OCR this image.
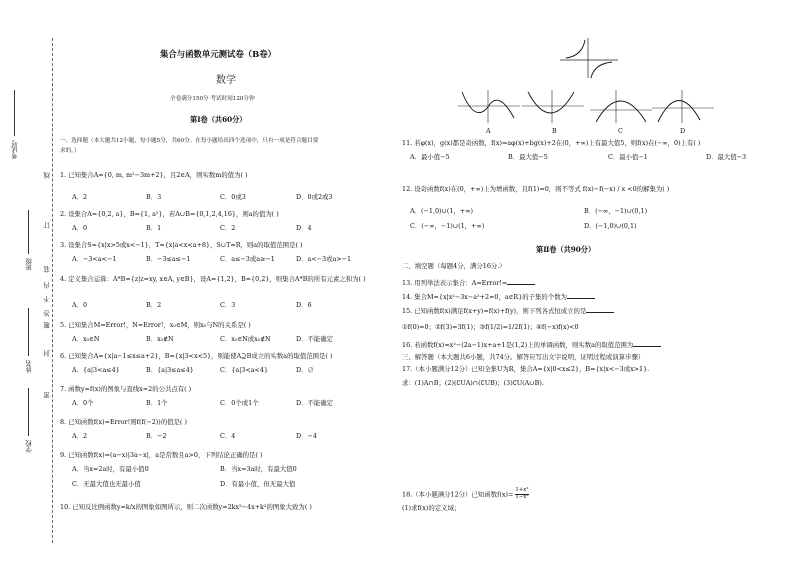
线
装
内
不
答
题
订
封
密
考试号
班级
姓名
学校
集合与函数单元测试卷（B卷）
数学
全卷满分150分 考试时间120分钟
第Ⅰ卷（共60分）
一、选择题（本大题共12小题，每小题5分，共60分。在每小题给出四个选项中，只有一项是符合题目要
求的。）
1. 已知集合A={0, m, m²−3m+2}，且2∈A，则实数m的值为( )
A．2	B．3	C．0或3	D．0或2或3
2. 设集合A={0,2, a}，B={1, a²}，若A∪B={0,1,2,4,16}，则a的值为( )
A．0	B．1	C．2	D．4
3. 设集合S={x|x>5或x<−1}，T={x|a<x<a+8}，S∪T=R，则a的取值范围是( )
A．−3<a<−1	B．−3≤a≤−1	C．a≤−3或a≥−1	D．a<−3或a>−1
4. 定义集合运算：A*B={z|z=xy, x∈A, y∈B}，设A={1,2}，B={0,2}，则集合A*B的所有元素之和为( )
A．0	B．2	C．3	D．6
5. 已知集合M=Error!，N=Error!，x₀∈M，则x₀与N的关系是( )
A．x₀∈N	B．x₀∉N	C．x₀∈N或x₀∉N	D．不能确定
6. 已知集合A={x|a−1≤x≤a+2}，B={x|3<x<5}，则能使A⊇B成立的实数a的取值范围是( )
A．{a|3<a≤4}	B．{a|3≤a≤4}	C．{a|3<a<4}	D．∅
7. 函数y=f(x)的图象与直线x=2的公共点有( )
A．0个	B．1个	C．0个或1个	D．不能确定
8. 已知函数f(x)=Error!则f(f(−2))的值是( )
A．2	B．−2	C．4	D．−4
9. 已知函数f(x)=(a−x)|3a−x|，a是常数且a>0，下列结论正确的是( )
A．当x=2a时，有最小值0	B．当x=3a时，有最大值0
C．无最大值也无最小值	D．有最小值，但无最大值
10. 已知反比例函数y=k/x的图象如图所示，则二次函数y=2kx²−4x+k²的图象大致为( )
A	B	C	D
11. 若φ(x)，g(x)都是奇函数，f(x)=aφ(x)+bg(x)+2在(0，+∞)上有最大值5，则f(x)在(−∞，0)上有( )
A．最小值−5	B．最大值−5	C．最小值−1	D．最大值−3
12. 设奇函数f(x)在(0，+∞)上为增函数，且f(1)=0，则不等式 f(x)−f(−x) / x <0的解集为( )
A．(−1,0)∪(1，+∞)	B．(−∞，−1)∪(0,1)
C．(−∞，−1)∪(1，+∞)	D．(−1,0)∪(0,1)
第Ⅱ卷（共90分）
二、填空题（每题4分，满分16分.）
13. 用列举法表示集合：A=Error!=
14. 集合M={x|x²−3x−a²+2=0，a∈R}的子集的个数为
15. 已知函数f(x)满足f(x+y)=f(x)+f(y)，则下列各式恒成立的是
①f(0)=0；②f(3)=3f(1)；③f(1/2)=1/2f(1)；④f(−x)f(x)<0
16. 若函数f(x)=x²−(2a−1)x+a+1是(1,2)上的单调函数，则实数a的取值范围为
三、解答题（本大题共6小题，共74分。解答应写出文字说明，证明过程或演算步骤）
17.（本小题满分12分）已知全集U为R，集合A={x|0<x≤2}，B={x|x<−3或x>1}.
求：(1)A∩B；(2)(∁UA)∩(∁UB)；(3)∁U(A∪B).
18.（本小题满分12分）已知函数$f(x)= \frac{\text{1+x²}}{\text{1−x²}}$
(1)求f(x)的定义域；
